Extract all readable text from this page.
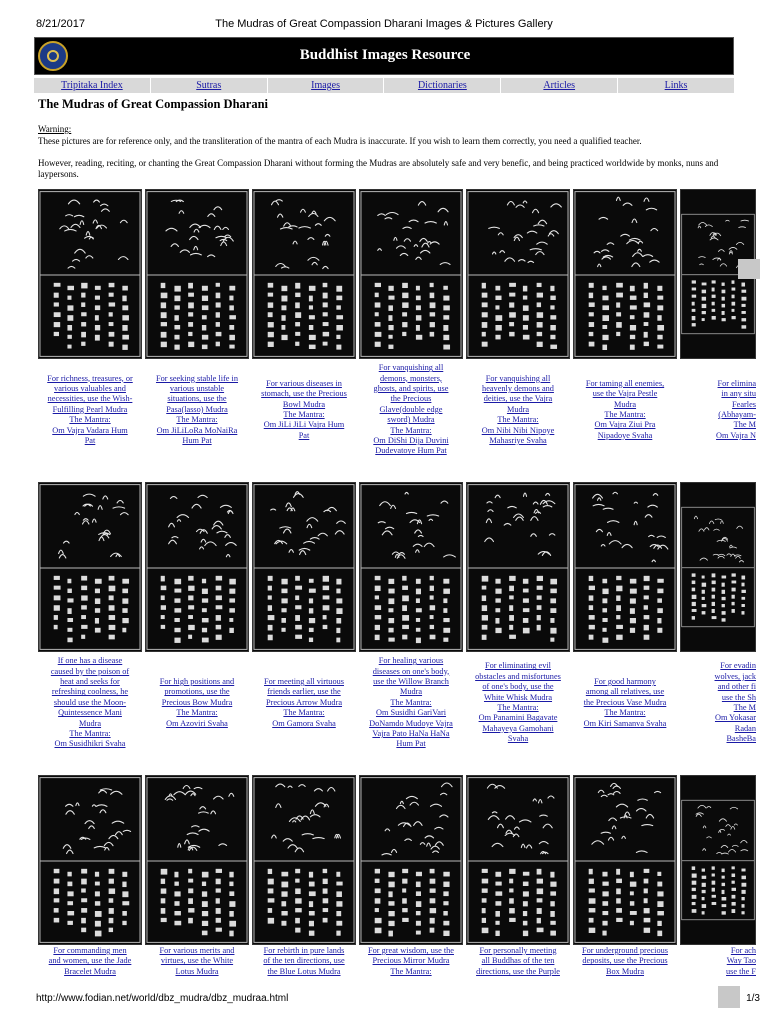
8/21/2017	The Mudras of Great Compassion Dharani Images & Pictures Gallery
Buddhist Images Resource
Tripitaka Index	Sutras	Images	Dictionaries	Articles	Links
The Mudras of Great Compassion Dharani
Warning:
These pictures are for reference only, and the transliteration of the mantra of each Mudra is inaccurate. If you wish to learn them correctly, you need a qualified teacher.
However, reading, reciting, or chanting the Great Compassion Dharani without forming the Mudras are absolutely safe and very benefic, and being practiced worldwide by monks, nuns and laypersons.
For richness, treasures, or
various valuables and
necessities, use the Wish-
Fulfilling Pearl Mudra
The Mantra:
Om Vajra Vadara Hum
Pat
For seeking stable life in
various unstable
situations, use the
Pasa(lasso) Mudra
The Mantra:
Om JiLiLoRa MoNaiRa
Hum Pat
For various diseases in
stomach, use the Precious
Bowl Mudra
The Mantra:
Om JiLi JiLi Vajra Hum
Pat
For vanquishing all
demons, monsters,
ghosts, and spirits, use
the Precious
Glave(double edge
sword) Mudra
The Mantra:
Om DiShi Dija Duvini
Dudevatoye Hum Pat
For vanquishing all
heavenly demons and
deities, use the Vajra
Mudra
The Mantra:
Om Nibi Nibi Nipoye
Mahasriye Svaha
For taming all enemies,
use the Vajra Pestle
Mudra
The Mantra:
Om Vajra Ziui Pra
Nipadoye Svaha
For elimina
in any situ
Fearles
(Abhayam-
The M
Om Vajra N
If one has a disease
caused by the poison of
heat and seeks for
refreshing coolness, he
should use the Moon-
Quintessence Mani
Mudra
The Mantra:
Om Susidhikri Svaha
For high positions and
promotions, use the
Precious Bow Mudra
The Mantra:
Om Azoviri Svaha
For meeting all virtuous
friends earlier, use the
Precious Arrow Mudra
The Mantra:
Om Gamora Svaha
For healing various
diseases on one's body,
use the Willow Branch
Mudra
The Mantra:
Om Susidhi GariVari
DoNamdo Mudoye Vajra
Vajra Pato HaNa HaNa
Hum Pat
For eliminating evil
obstacles and misfortunes
of one's body, use the
White Whisk Mudra
The Mantra:
Om Panamini Bagavate
Mahayeya Gamohani
Svaha
For good harmony
among all relatives, use
the Precious Vase Mudra
The Mantra:
Om Kiri Samanva Svaha
For evadin
wolves, jack
and other fi
use the Sh
The M
Om Yokasar
Radan
BasheBa
For commanding men
and women, use the Jade
Bracelet Mudra
For various merits and
virtues, use the White
Lotus Mudra
For rebirth in pure lands
of the ten directions, use
the Blue Lotus Mudra
For great wisdom, use the
Precious Mirror Mudra
The Mantra:
For personally meeting
all Buddhas of the ten
directions, use the Purple
For underground precious
deposits, use the Precious
Box Mudra
For ach
Way Tao
use the F
http://www.fodian.net/world/dbz_mudra/dbz_mudraa.html	1/3
